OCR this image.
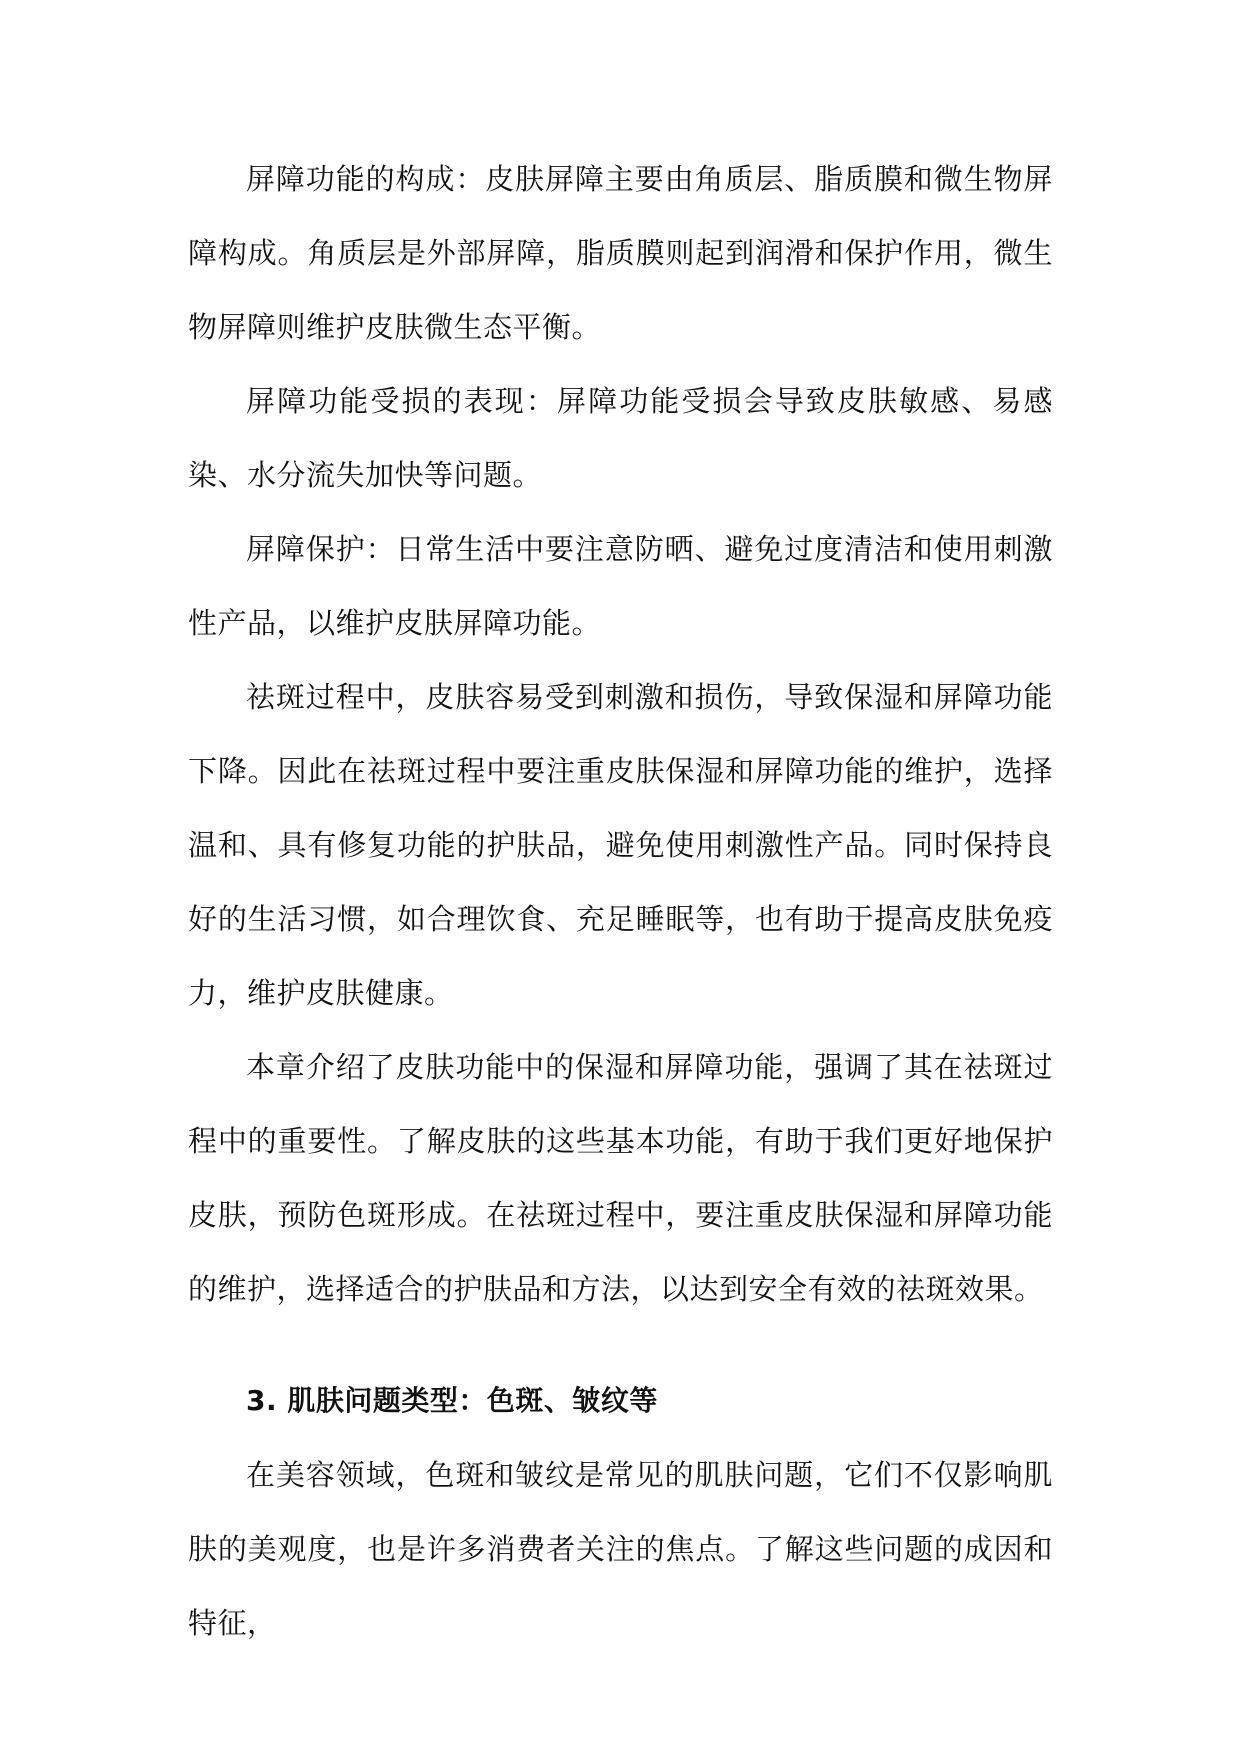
屏障功能的构成：皮肤屏障主要由角质层、脂质膜和微生物屏障构成。角质层是外部屏障，脂质膜则起到润滑和保护作用，微生物屏障则维护皮肤微生态平衡。

屏障功能受损的表现：屏障功能受损会导致皮肤敏感、易感染、水分流失加快等问题。

屏障保护：日常生活中要注意防晒、避免过度清洁和使用刺激性产品，以维护皮肤屏障功能。

祛斑过程中，皮肤容易受到刺激和损伤，导致保湿和屏障功能下降。因此在祛斑过程中要注重皮肤保湿和屏障功能的维护，选择温和、具有修复功能的护肤品，避免使用刺激性产品。同时保持良好的生活习惯，如合理饮食、充足睡眠等，也有助于提高皮肤免疫力，维护皮肤健康。

本章介绍了皮肤功能中的保湿和屏障功能，强调了其在祛斑过程中的重要性。了解皮肤的这些基本功能，有助于我们更好地保护皮肤，预防色斑形成。在祛斑过程中，要注重皮肤保湿和屏障功能的维护，选择适合的护肤品和方法，以达到安全有效的祛斑效果。

3. 肌肤问题类型：色斑、皱纹等

在美容领域，色斑和皱纹是常见的肌肤问题，它们不仅影响肌肤的美观度，也是许多消费者关注的焦点。了解这些问题的成因和特征，
